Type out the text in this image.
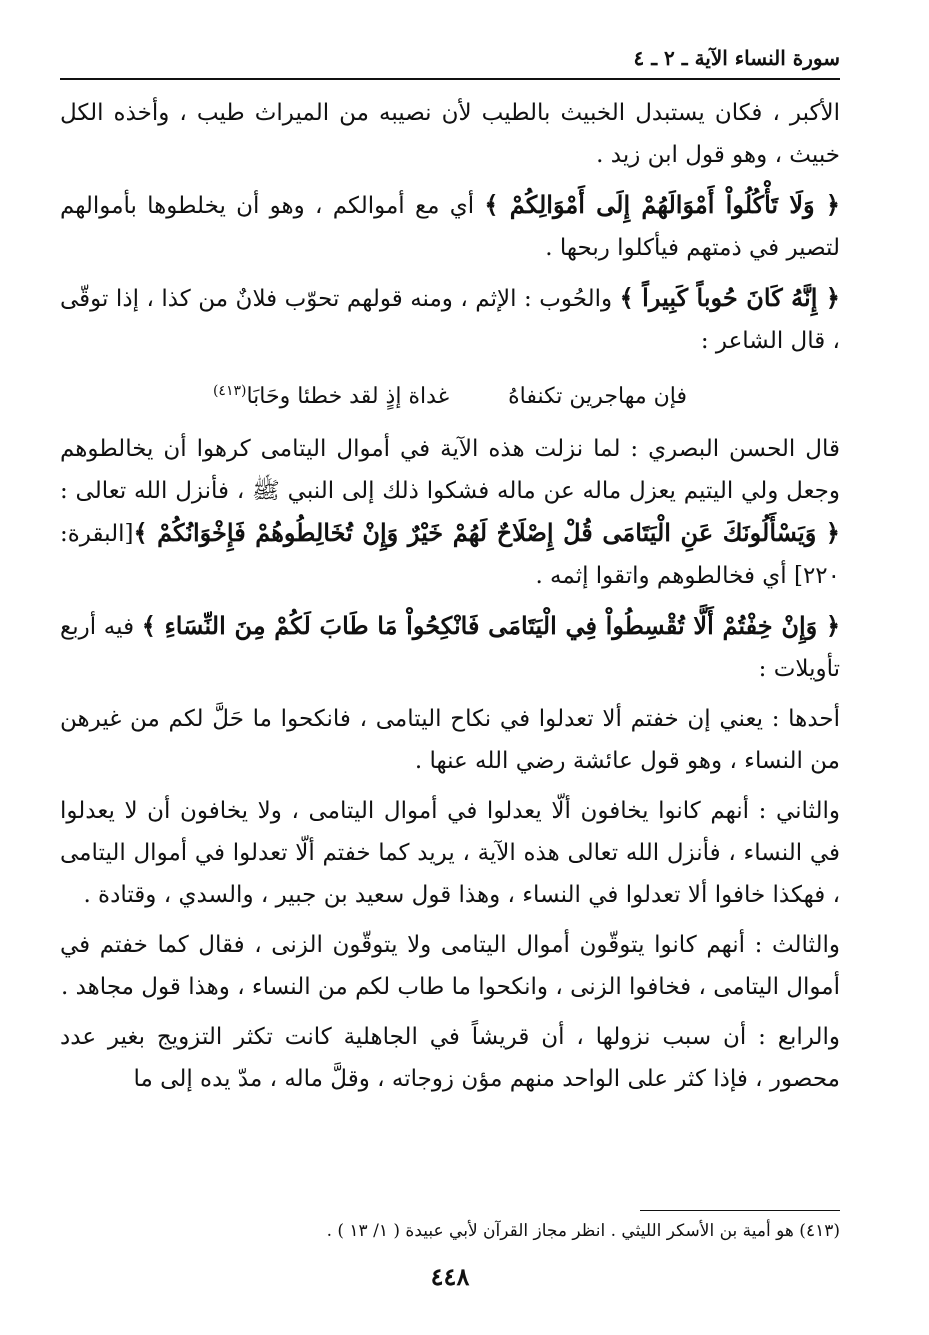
سورة النساء الآية ـ ٢ ـ ٤

الأكبر ، فكان يستبدل الخبيث بالطيب لأن نصيبه من الميراث طيب ، وأخذه الكل خبيث ، وهو قول ابن زيد .

﴿ وَلَا تَأْكُلُواْ أَمْوَالَهُمْ إِلَى أَمْوَالِكُمْ ﴾ أي مع أموالكم ، وهو أن يخلطوها بأموالهم لتصير في ذمتهم فيأكلوا ربحها .

﴿ إِنَّهُ كَانَ حُوباً كَبِيراً ﴾ والحُوب : الإثم ، ومنه قولهم تحوّب فلانٌ من كذا ، إذا توقّى ، قال الشاعر :

فإن مهاجرين تكنفاهُ غداة إذٍ لقد خطئا وحَابَا$^{(٤١٣)}$

قال الحسن البصري : لما نزلت هذه الآية في أموال اليتامى كرهوا أن يخالطوهم وجعل ولي اليتيم يعزل ماله عن ماله فشكوا ذلك إلى النبي ﷺ ، فأنزل الله تعالى : ﴿ وَيَسْأَلُونَكَ عَنِ الْيَتَامَى قُلْ إِصْلَاحٌ لَهُمْ خَيْرٌ وَإِنْ تُخَالِطُوهُمْ فَإِخْوَانُكُمْ ﴾[البقرة: ٢٢٠] أي فخالطوهم واتقوا إثمه .

﴿ وَإِنْ خِفْتُمْ أَلَّا تُقْسِطُواْ فِي الْيَتَامَى فَانْكِحُواْ مَا طَابَ لَكُمْ مِنَ النِّسَاءِ ﴾ فيه أربع تأويلات :

أحدها : يعني إن خفتم ألا تعدلوا في نكاح اليتامى ، فانكحوا ما حَلَّ لكم من غيرهن من النساء ، وهو قول عائشة رضي الله عنها .

والثاني : أنهم كانوا يخافون ألّا يعدلوا في أموال اليتامى ، ولا يخافون أن لا يعدلوا في النساء ، فأنزل الله تعالى هذه الآية ، يريد كما خفتم ألّا تعدلوا في أموال اليتامى ، فهكذا خافوا ألا تعدلوا في النساء ، وهذا قول سعيد بن جبير ، والسدي ، وقتادة .

والثالث : أنهم كانوا يتوقّون أموال اليتامى ولا يتوقّون الزنى ، فقال كما خفتم في أموال اليتامى ، فخافوا الزنى ، وانكحوا ما طاب لكم من النساء ، وهذا قول مجاهد .

والرابع : أن سبب نزولها ، أن قريشاً في الجاهلية كانت تكثر التزويج بغير عدد محصور ، فإذا كثر على الواحد منهم مؤن زوجاته ، وقلَّ ماله ، مدّ يده إلى ما

(٤١٣) هو أمية بن الأسكر الليثي . انظر مجاز القرآن لأبي عبيدة ( ١/ ١٣ ) .
٤٤٨
